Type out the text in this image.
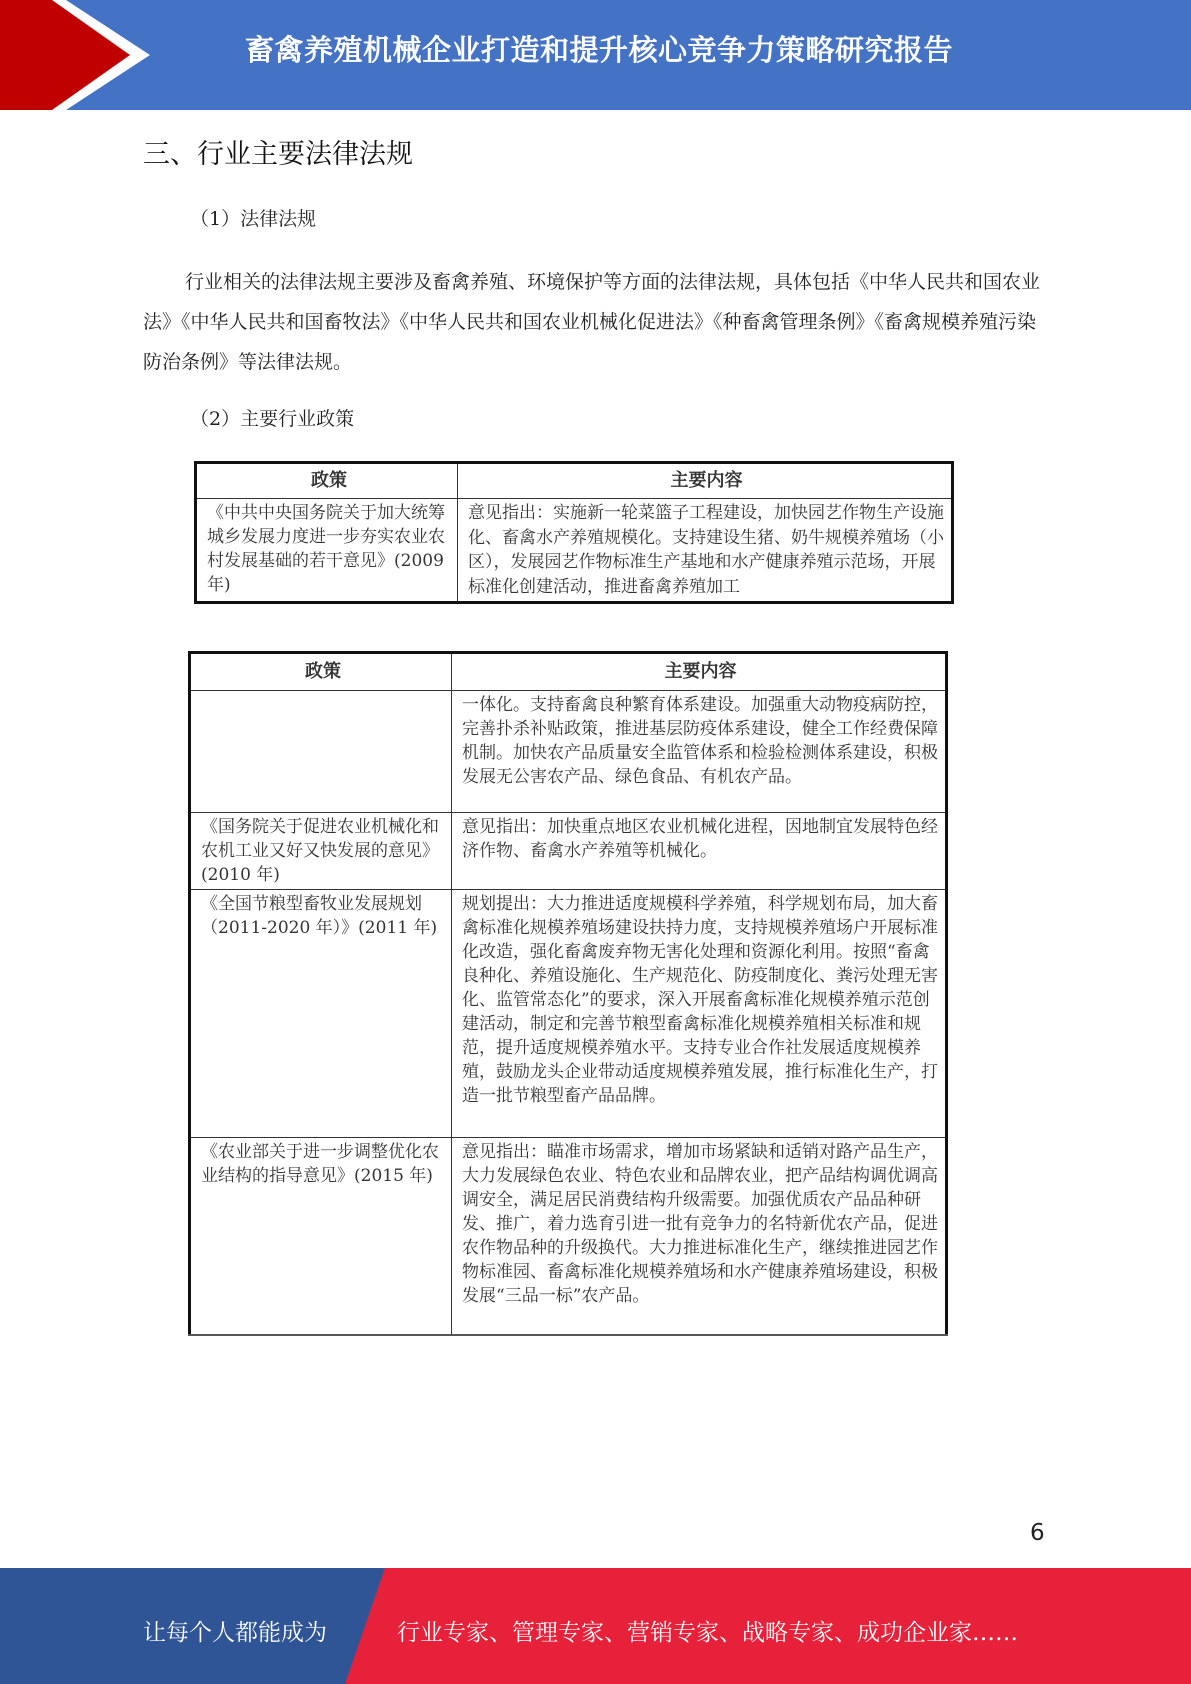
畜禽养殖机械企业打造和提升核心竞争力策略研究报告
三、行业主要法律法规
（1）法律法规
行业相关的法律法规主要涉及畜禽养殖、环境保护等方面的法律法规，具体包括《中华人民共和国农业法》《中华人民共和国畜牧法》《中华人民共和国农业机械化促进法》《种畜禽管理条例》《畜禽规模养殖污染防治条例》等法律法规。
（2）主要行业政策
政策	主要内容
《中共中央国务院关于加大统筹城乡发展力度进一步夯实农业农村发展基础的若干意见》(2009 年)	意见指出：实施新一轮菜篮子工程建设，加快园艺作物生产设施化、畜禽水产养殖规模化。支持建设生猪、奶牛规模养殖场（小区），发展园艺作物标准生产基地和水产健康养殖示范场，开展标准化创建活动，推进畜禽养殖加工
政策	主要内容
	一体化。支持畜禽良种繁育体系建设。加强重大动物疫病防控，完善扑杀补贴政策，推进基层防疫体系建设，健全工作经费保障机制。加快农产品质量安全监管体系和检验检测体系建设，积极发展无公害农产品、绿色食品、有机农产品。
《国务院关于促进农业机械化和农机工业又好又快发展的意见》(2010 年)	意见指出：加快重点地区农业机械化进程，因地制宜发展特色经济作物、畜禽水产养殖等机械化。
《全国节粮型畜牧业发展规划（2011-2020 年）》(2011 年)	规划提出：大力推进适度规模科学养殖，科学规划布局，加大畜禽标准化规模养殖场建设扶持力度，支持规模养殖场户开展标准化改造，强化畜禽废弃物无害化处理和资源化利用。按照“畜禽良种化、养殖设施化、生产规范化、防疫制度化、粪污处理无害化、监管常态化”的要求，深入开展畜禽标准化规模养殖示范创建活动，制定和完善节粮型畜禽标准化规模养殖相关标准和规范，提升适度规模养殖水平。支持专业合作社发展适度规模养殖，鼓励龙头企业带动适度规模养殖发展，推行标准化生产，打造一批节粮型畜产品品牌。
《农业部关于进一步调整优化农业结构的指导意见》(2015 年)	意见指出：瞄准市场需求，增加市场紧缺和适销对路产品生产，大力发展绿色农业、特色农业和品牌农业，把产品结构调优调高调安全，满足居民消费结构升级需要。加强优质农产品品种研发、推广，着力选育引进一批有竞争力的名特新优农产品，促进农作物品种的升级换代。大力推进标准化生产，继续推进园艺作物标准园、畜禽标准化规模养殖场和水产健康养殖场建设，积极发展“三品一标”农产品。
6
让每个人都能成为	行业专家、管理专家、营销专家、战略专家、成功企业家……
